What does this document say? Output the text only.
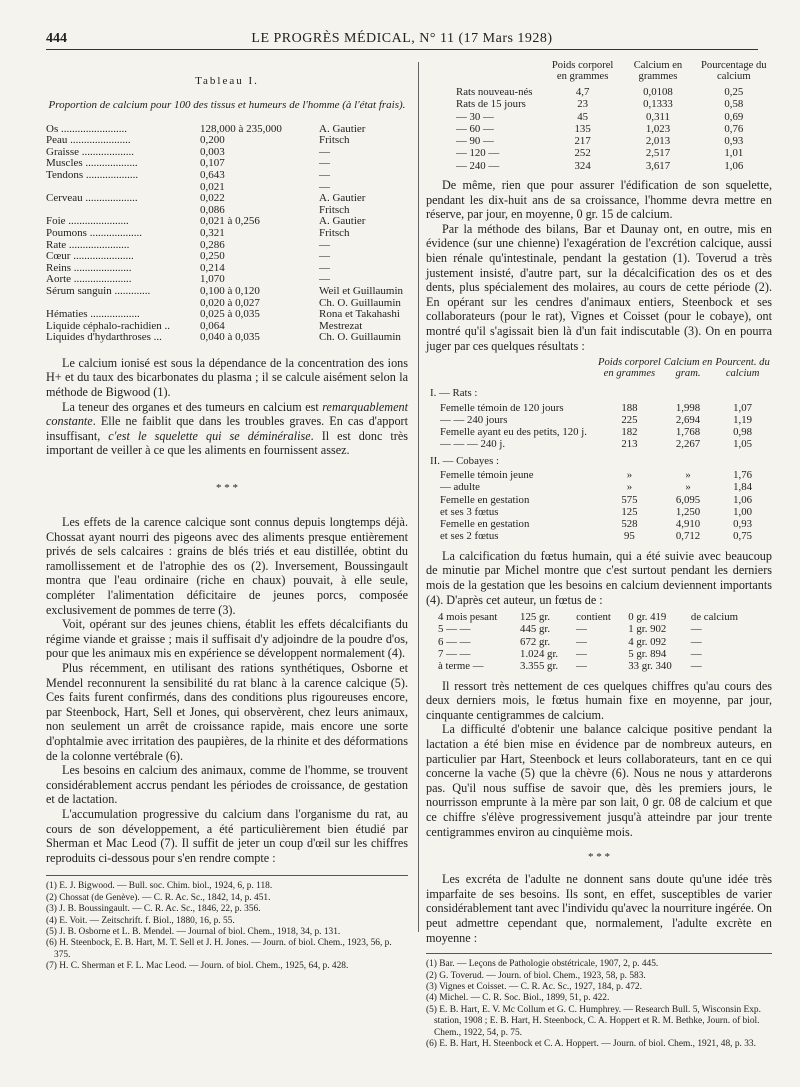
444	LE PROGRÈS MÉDICAL, N° 11 (17 Mars 1928)
Tableau I.
Proportion de calcium pour 100 des tissus et humeurs de l'homme (à l'état frais).
Os ........................	128,000 à 235,000	A. Gautier
Peau ......................	0,200	Fritsch
Graisse ...................	0,003	—
Muscles ...................	0,107	—
Tendons ...................	0,643	—
	0,021	—
Cerveau ...................	0,022	A. Gautier
	0,086	Fritsch
Foie ......................	0,021 à 0,256	A. Gautier
Poumons ...................	0,321	Fritsch
Rate ......................	0,286	—
Cœur ......................	0,250	—
Reins .....................	0,214	—
Aorte .....................	1,070	—
Sérum sanguin .............	0,100 à 0,120	Weil et Guillaumin
	0,020 à 0,027	Ch. O. Guillaumin
Hématies ..................	0,025 à 0,035	Rona et Takahashi
Liquide céphalo-rachidien ..	0,064	Mestrezat
Liquides d'hydarthroses ...	0,040 à 0,035	Ch. O. Guillaumin

Le calcium ionisé est sous la dépendance de la concentration des ions H+ et du taux des bicarbonates du plasma ; il se calcule aisément selon la méthode de Bigwood (1).

La teneur des organes et des tumeurs en calcium est remarquablement constante. Elle ne faiblit que dans les troubles graves. En cas d'apport insuffisant, c'est le squelette qui se déminéralise. Il est donc très important de veiller à ce que les aliments en fournissent assez.

* * *

Les effets de la carence calcique sont connus depuis longtemps déjà. Chossat ayant nourri des pigeons avec des aliments presque entièrement privés de sels calcaires : grains de blés triés et eau distillée, obtint du ramollissement et de l'atrophie des os (2). Inversement, Boussingault montra que l'eau ordinaire (riche en chaux) pouvait, à elle seule, compléter l'alimentation déficitaire de jeunes porcs, composée exclusivement de pommes de terre (3).

Voit, opérant sur des jeunes chiens, établit les effets décalcifiants du régime viande et graisse ; mais il suffisait d'y adjoindre de la poudre d'os, pour que les animaux mis en expérience se développent normalement (4).

Plus récemment, en utilisant des rations synthétiques, Osborne et Mendel reconnurent la sensibilité du rat blanc à la carence calcique (5). Ces faits furent confirmés, dans des conditions plus rigoureuses encore, par Steenbock, Hart, Sell et Jones, qui observèrent, chez leurs animaux, non seulement un arrêt de croissance rapide, mais encore une sorte d'ophtalmie avec irritation des paupières, de la rhinite et des déformations de la colonne vertébrale (6).

Les besoins en calcium des animaux, comme de l'homme, se trouvent considérablement accrus pendant les périodes de croissance, de gestation et de lactation.

L'accumulation progressive du calcium dans l'organisme du rat, au cours de son développement, a été particulièrement bien étudié par Sherman et Mac Leod (7). Il suffit de jeter un coup d'œil sur les chiffres reproduits ci-dessous pour s'en rendre compte :

(1) E. J. Bigwood. — Bull. soc. Chim. biol., 1924, 6, p. 118.
(2) Chossat (de Genève). — C. R. Ac. Sc., 1842, 14, p. 451.
(3) J. B. Boussingault. — C. R. Ac. Sc., 1846, 22, p. 356.
(4) E. Voit. — Zeitschrift. f. Biol., 1880, 16, p. 55.
(5) J. B. Osborne et L. B. Mendel. — Journal of biol. Chem., 1918, 34, p. 131.
(6) H. Steenbock, E. B. Hart, M. T. Sell et J. H. Jones. — Journ. of biol. Chem., 1923, 56, p. 375.
(7) H. C. Sherman et F. L. Mac Leod. — Journ. of biol. Chem., 1925, 64, p. 428.
	Poids corporel en grammes	Calcium en grammes	Pourcentage du calcium
Rats nouveau-nés	4,7	0,0108	0,25
Rats de 15 jours	23	0,1333	0,58
— 30 —	45	0,311	0,69
— 60 —	135	1,023	0,76
— 90 —	217	2,013	0,93
— 120 —	252	2,517	1,01
— 240 —	324	3,617	1,06

De même, rien que pour assurer l'édification de son squelette, pendant les dix-huit ans de sa croissance, l'homme devra mettre en réserve, par jour, en moyenne, 0 gr. 15 de calcium.

Par la méthode des bilans, Bar et Daunay ont, en outre, mis en évidence (sur une chienne) l'exagération de l'excrétion calcique, aussi bien rénale qu'intestinale, pendant la gestation (1). Toverud a très justement insisté, d'autre part, sur la décalcification des os et des dents, plus spécialement des molaires, au cours de cette période (2). En opérant sur les cendres d'animaux entiers, Steenbock et ses collaborateurs (pour le rat), Vignes et Coisset (pour le cobaye), ont montré qu'il s'agissait bien là d'un fait indiscutable (3). On en pourra juger par ces quelques résultats :

	Poids corporel en grammes	Calcium en gram.	Pourcent. du calcium
I. — Rats :			
Femelle témoin de 120 jours	188	1,998	1,07
— — 240 jours	225	2,694	1,19
Femelle ayant eu des petits, 120 j.	182	1,768	0,98
— — — 240 j.	213	2,267	1,05
II. — Cobayes :			
Femelle témoin jeune	»	»	1,76
— adulte	»	»	1,84
Femelle en gestation	575	6,095	1,06
et ses 3 fœtus	125	1,250	1,00
Femelle en gestation	528	4,910	0,93
et ses 2 fœtus	95	0,712	0,75

La calcification du fœtus humain, qui a été suivie avec beaucoup de minutie par Michel montre que c'est surtout pendant les derniers mois de la gestation que les besoins en calcium deviennent importants (4). D'après cet auteur, un fœtus de :

4 mois pesant	125 gr.	contient	0 gr. 419	de calcium
5 — —	445 gr.	—	1 gr. 902	—
6 — —	672 gr.	—	4 gr. 092	—
7 — —	1.024 gr.	—	5 gr. 894	—
à terme —	3.355 gr.	—	33 gr. 340	—

Il ressort très nettement de ces quelques chiffres qu'au cours des deux derniers mois, le fœtus humain fixe en moyenne, par jour, cinquante centigrammes de calcium.

La difficulté d'obtenir une balance calcique positive pendant la lactation a été bien mise en évidence par de nombreux auteurs, en particulier par Hart, Steenbock et leurs collaborateurs, tant en ce qui concerne la vache (5) que la chèvre (6). Nous ne nous y attarderons pas. Qu'il nous suffise de savoir que, dès les premiers jours, le nourrisson emprunte à la mère par son lait, 0 gr. 08 de calcium et que ce chiffre s'élève progressivement jusqu'à atteindre par jour trente centigrammes environ au cinquième mois.

* * *

Les excréta de l'adulte ne donnent sans doute qu'une idée très imparfaite de ses besoins. Ils sont, en effet, susceptibles de varier considérablement tant avec l'individu qu'avec la nourriture ingérée. On peut admettre cependant que, normalement, l'adulte excrète en moyenne :

(1) Bar. — Leçons de Pathologie obstétricale, 1907, 2, p. 445.
(2) G. Toverud. — Journ. of biol. Chem., 1923, 58, p. 583.
(3) Vignes et Coisset. — C. R. Ac. Sc., 1927, 184, p. 472.
(4) Michel. — C. R. Soc. Biol., 1899, 51, p. 422.
(5) E. B. Hart, E. V. Mc Collum et G. C. Humphrey. — Research Bull. 5, Wisconsin Exp. station, 1908 ; E. B. Hart, H. Steenbock, C. A. Hoppert et R. M. Bethke, Journ. of biol. Chem., 1922, 54, p. 75.
(6) E. B. Hart, H. Steenbock et C. A. Hoppert. — Journ. of biol. Chem., 1921, 48, p. 33.
